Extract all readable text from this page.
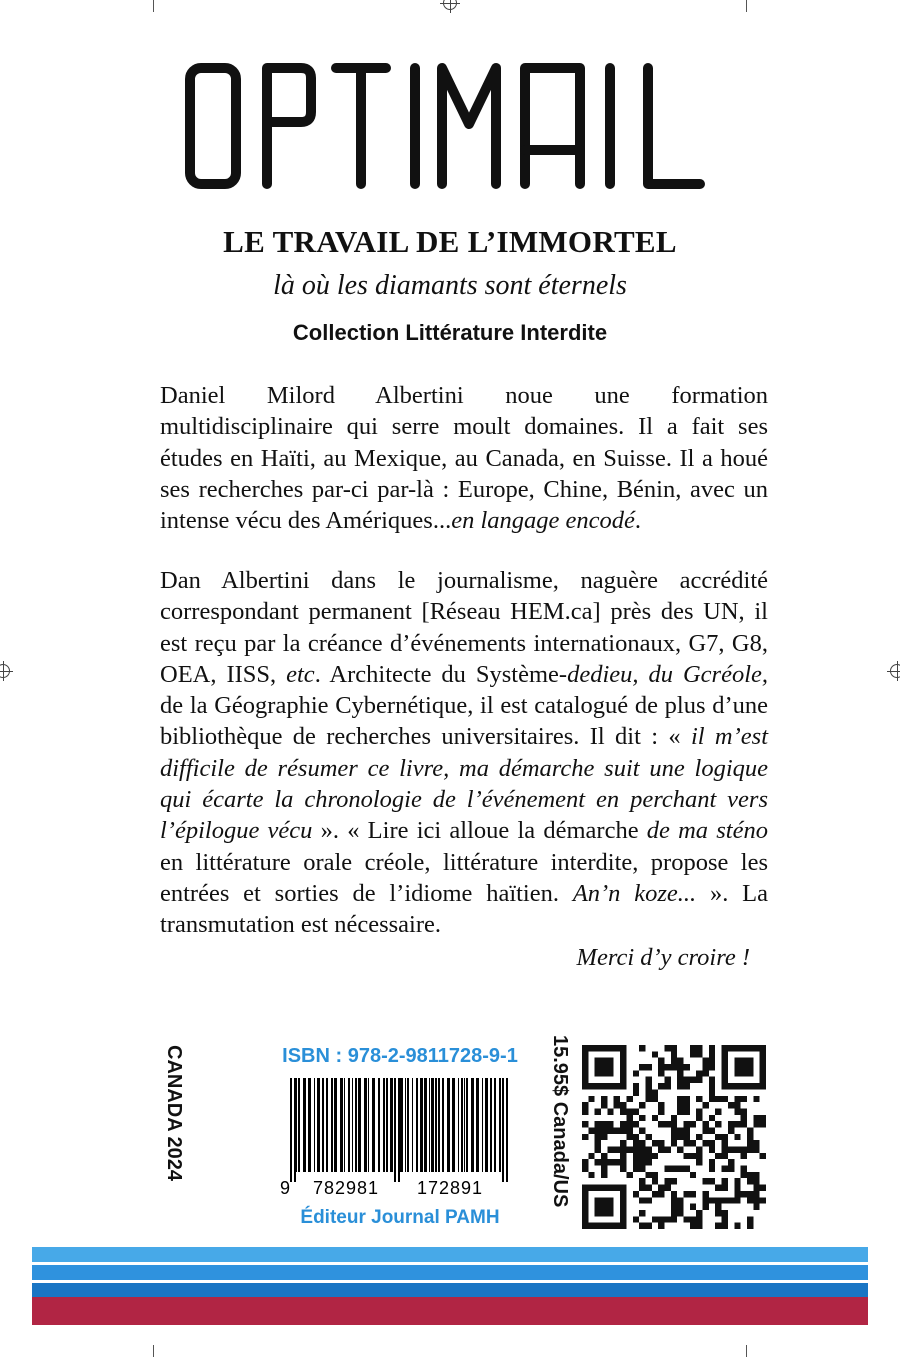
OPTIMAL
LE TRAVAIL DE L’IMMORTEL
là où les diamants sont éternels
Collection Littérature Interdite
Daniel Milord Albertini noue une formation multidisciplinaire qui serre moult domaines. Il a fait ses études en Haïti, au Mexique, au Canada, en Suisse. Il a houé ses recherches par-ci par-là : Europe, Chine, Bénin, avec un intense vécu des Amériques...en langage encodé.
Dan Albertini dans le journalisme, naguère accrédité correspondant permanent [Réseau HEM.ca] près des UN, il est reçu par la créance d’événements internationaux, G7, G8, OEA, IISS, etc. Architecte du Système-dedieu, du Gcréole, de la Géographie Cybernétique, il est catalogué de plus d’une bibliothèque de recherches universitaires. Il dit : « il m’est difficile de résumer ce livre, ma démarche suit une logique qui écarte la chronologie de l’événement en perchant vers l’épilogue vécu ». « Lire ici alloue la démarche de ma sténo en littérature orale créole, littérature interdite, propose les entrées et sorties de l’idiome haïtien. An’n koze... ». La transmutation est nécessaire.
Merci d’y croire !
CANADA 2024	ISBN : 978-2-9811728-9-1
9 782981 172891
Éditeur Journal PAMH
15.95$ Canada/US
